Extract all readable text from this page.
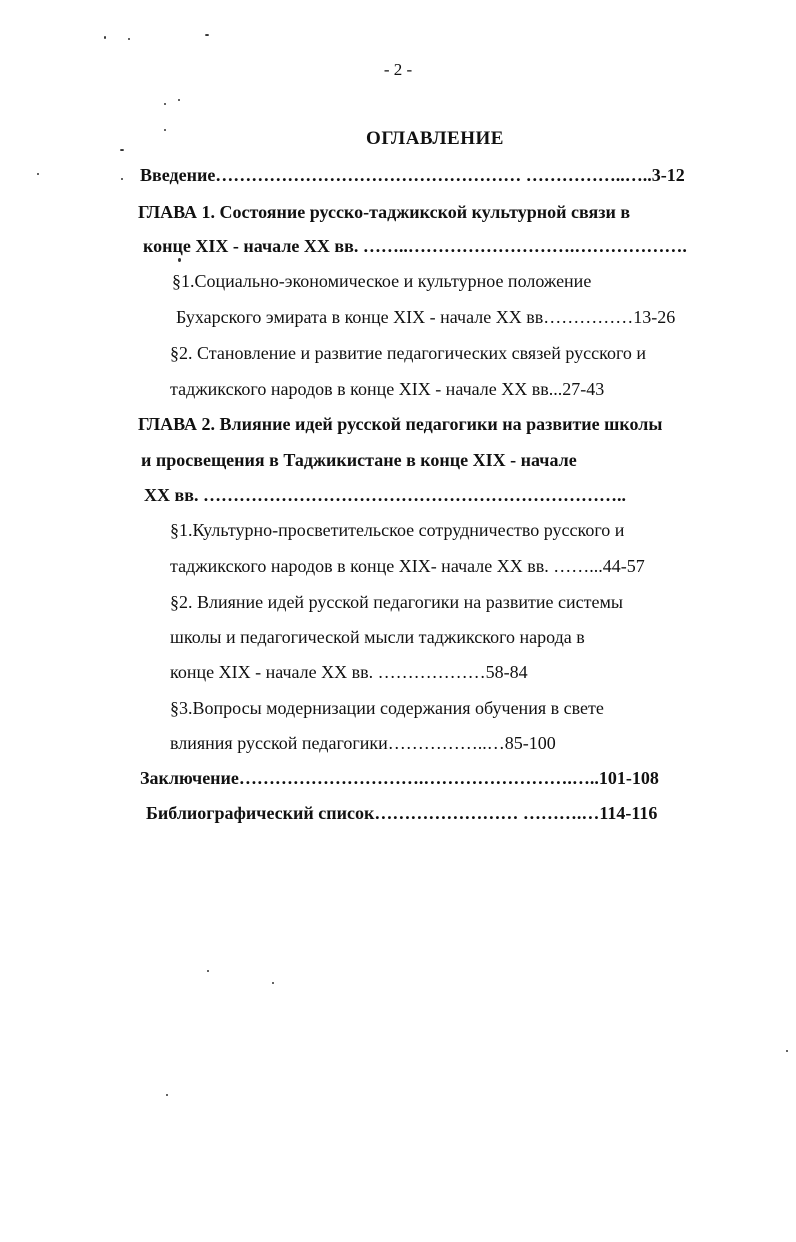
- 2 -
ОГЛАВЛЕНИЕ
Введение…………………………………………… ……………..…..3-12
ГЛАВА 1. Состояние русско-таджикской культурной связи в
конце XIX - начале XX вв. ……..……………………….……………….
§1.Социально-экономическое и культурное положение
Бухарского эмирата в конце XIX - начале XX вв……………13-26
§2. Становление и развитие педагогических связей русского и
таджикского народов в конце XIX - начале XX вв...27-43
ГЛАВА 2. Влияние идей русской педагогики на развитие школы
и просвещения в Таджикистане в конце XIX - начале
XX вв. ……………………………………………………………..
§1.Культурно-просветительское сотрудничество русского и
таджикского народов в конце XIX- начале XX вв. ……...44-57
§2. Влияние идей русской педагогики на развитие системы
школы и педагогической мысли таджикского народа в
конце XIX - начале XX вв. ………………58-84
§3.Вопросы модернизации содержания обучения в свете
влияния русской педагогики……………..…85-100
Заключение………………………….…………………….…..101-108
Библиографический список…………………… ……….…114-116
